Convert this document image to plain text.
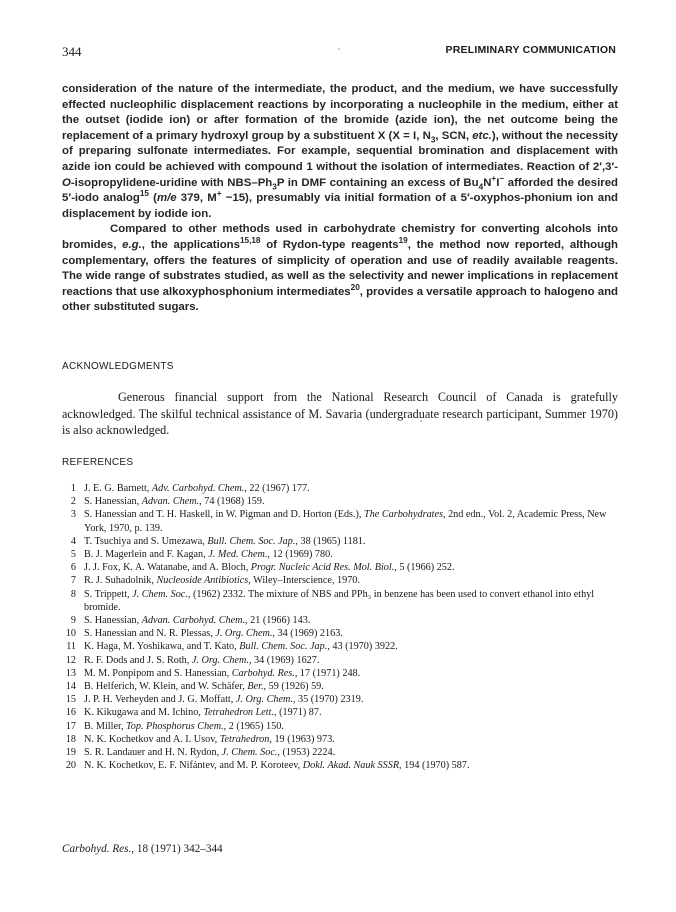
344	PRELIMINARY COMMUNICATION

consideration of the nature of the intermediate, the product, and the medium, we have successfully effected nucleophilic displacement reactions by incorporating a nucleophile in the medium, either at the outset (iodide ion) or after formation of the bromide (azide ion), the net outcome being the replacement of a primary hydroxyl group by a substituent X (X = I, $N_3$, SCN, etc.), without the necessity of preparing sulfonate intermediates. For example, sequential bromination and displacement with azide ion could be achieved with compound 1 without the isolation of intermediates. Reaction of 2′,3′-O-isopropylidene-uridine with NBS–$Ph_3P$ in DMF containing an excess of $Bu_4N^+I^-$ afforded the desired 5′-iodo analog$^{15}$ (m/e 379, M+ −15), presumably via initial formation of a 5′-oxyphos-phonium ion and displacement by iodide ion.

Compared to other methods used in carbohydrate chemistry for converting alcohols into bromides, e.g., the applications$^{15,18}$ of Rydon-type reagents$^{19}$, the method now reported, although complementary, offers the features of simplicity of operation and use of readily available reagents. The wide range of substrates studied, as well as the selectivity and newer implications in replacement reactions that use alkoxyphosphonium intermediates$^{20}$, provides a versatile approach to halogeno and other substituted sugars.

ACKNOWLEDGMENTS

Generous financial support from the National Research Council of Canada is gratefully acknowledged. The skilful technical assistance of M. Savaria (undergraduate research participant, Summer 1970) is also acknowledged.

REFERENCES
1 J. E. G. Barnett, Adv. Carbohyd. Chem., 22 (1967) 177.
2 S. Hanessian, Advan. Chem., 74 (1968) 159.
3 S. Hanessian and T. H. Haskell, in W. Pigman and D. Horton (Eds.), The Carbohydrates, 2nd edn., Vol. 2, Academic Press, New York, 1970, p. 139.
4 T. Tsuchiya and S. Umezawa, Bull. Chem. Soc. Jap., 38 (1965) 1181.
5 B. J. Magerlein and F. Kagan, J. Med. Chem., 12 (1969) 780.
6 J. J. Fox, K. A. Watanabe, and A. Bloch, Progr. Nucleic Acid Res. Mol. Biol., 5 (1966) 252.
7 R. J. Suhadolnik, Nucleoside Antibiotics, Wiley–Interscience, 1970.
8 S. Trippett, J. Chem. Soc., (1962) 2332. The mixture of NBS and PPh₃ in benzene has been used to convert ethanol into ethyl bromide.
9 S. Hanessian, Advan. Carbohyd. Chem., 21 (1966) 143.
10 S. Hanessian and N. R. Plessas, J. Org. Chem., 34 (1969) 2163.
11 K. Haga, M. Yoshikawa, and T. Kato, Bull. Chem. Soc. Jap., 43 (1970) 3922.
12 R. F. Dods and J. S. Roth, J. Org. Chem., 34 (1969) 1627.
13 M. M. Ponpipom and S. Hanessian, Carbohyd. Res., 17 (1971) 248.
14 B. Helferich, W. Klein, and W. Schäfer, Ber., 59 (1926) 59.
15 J. P. H. Verheyden and J. G. Moffatt, J. Org. Chem., 35 (1970) 2319.
16 K. Kikugawa and M. Ichino, Tetrahedron Lett., (1971) 87.
17 B. Miller, Top. Phosphorus Chem., 2 (1965) 150.
18 N. K. Kochetkov and A. I. Usov, Tetrahedron, 19 (1963) 973.
19 S. R. Landauer and H. N. Rydon, J. Chem. Soc., (1953) 2224.
20 N. K. Kochetkov, E. F. Nifántev, and M. P. Koroteev, Dokl. Akad. Nauk SSSR, 194 (1970) 587.
Carbohyd. Res., 18 (1971) 342–344
